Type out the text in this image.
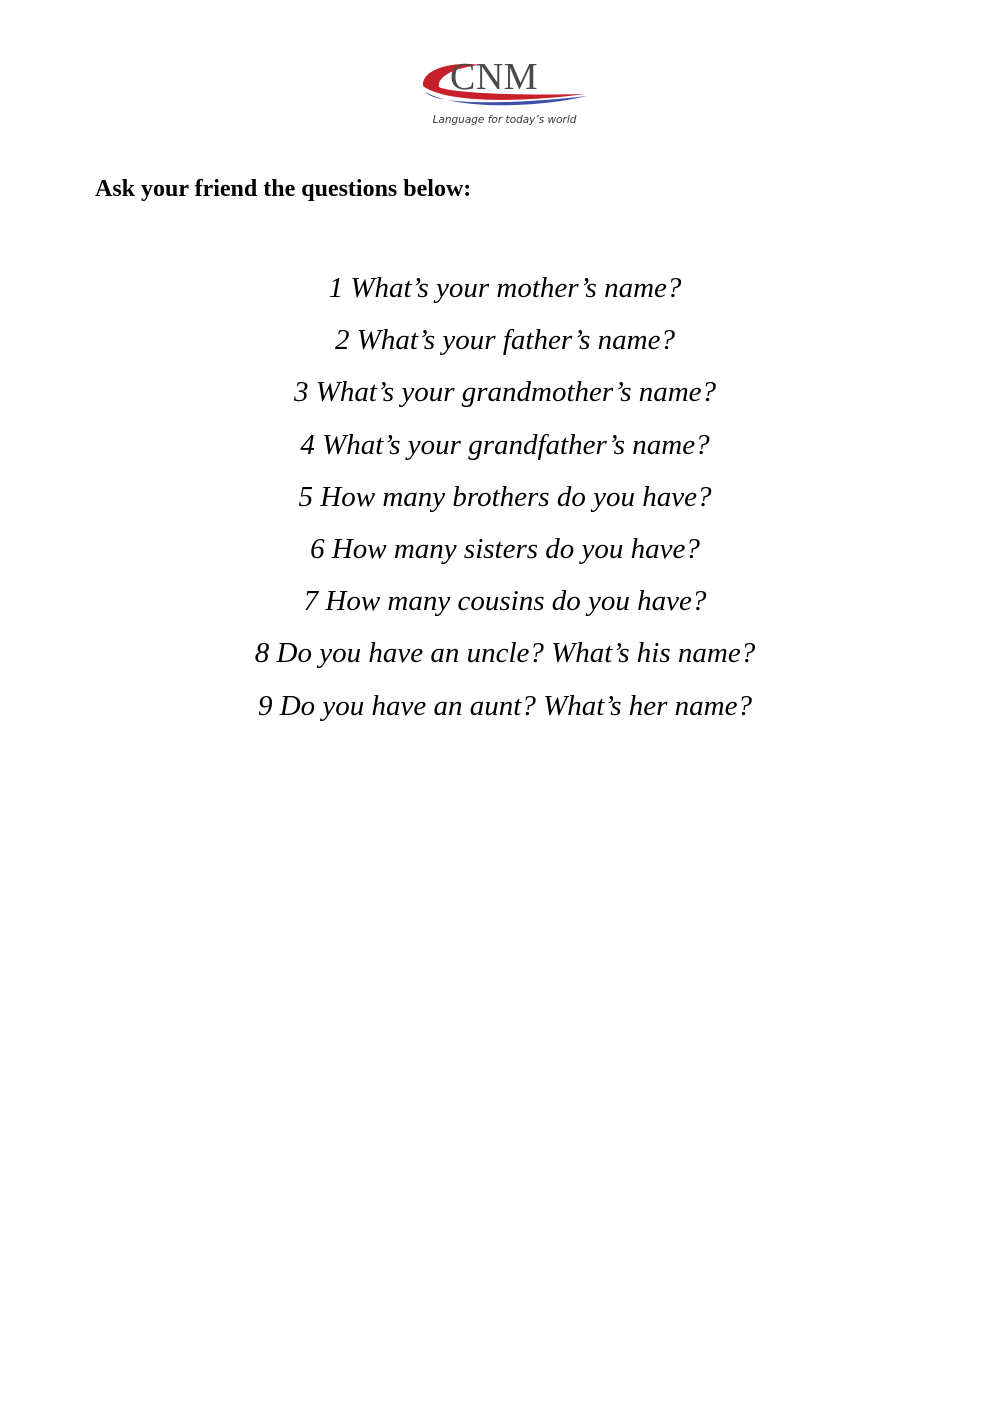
CNM
Language for today’s world
Ask your friend the questions below:
1 What’s your mother’s name?
2 What’s your father’s name?
3 What’s your grandmother’s name?
4 What’s your grandfather’s name?
5 How many brothers do you have?
6 How many sisters do you have?
7 How many cousins do you have?
8 Do you have an uncle? What’s his name?
9 Do you have an aunt? What’s her name?
